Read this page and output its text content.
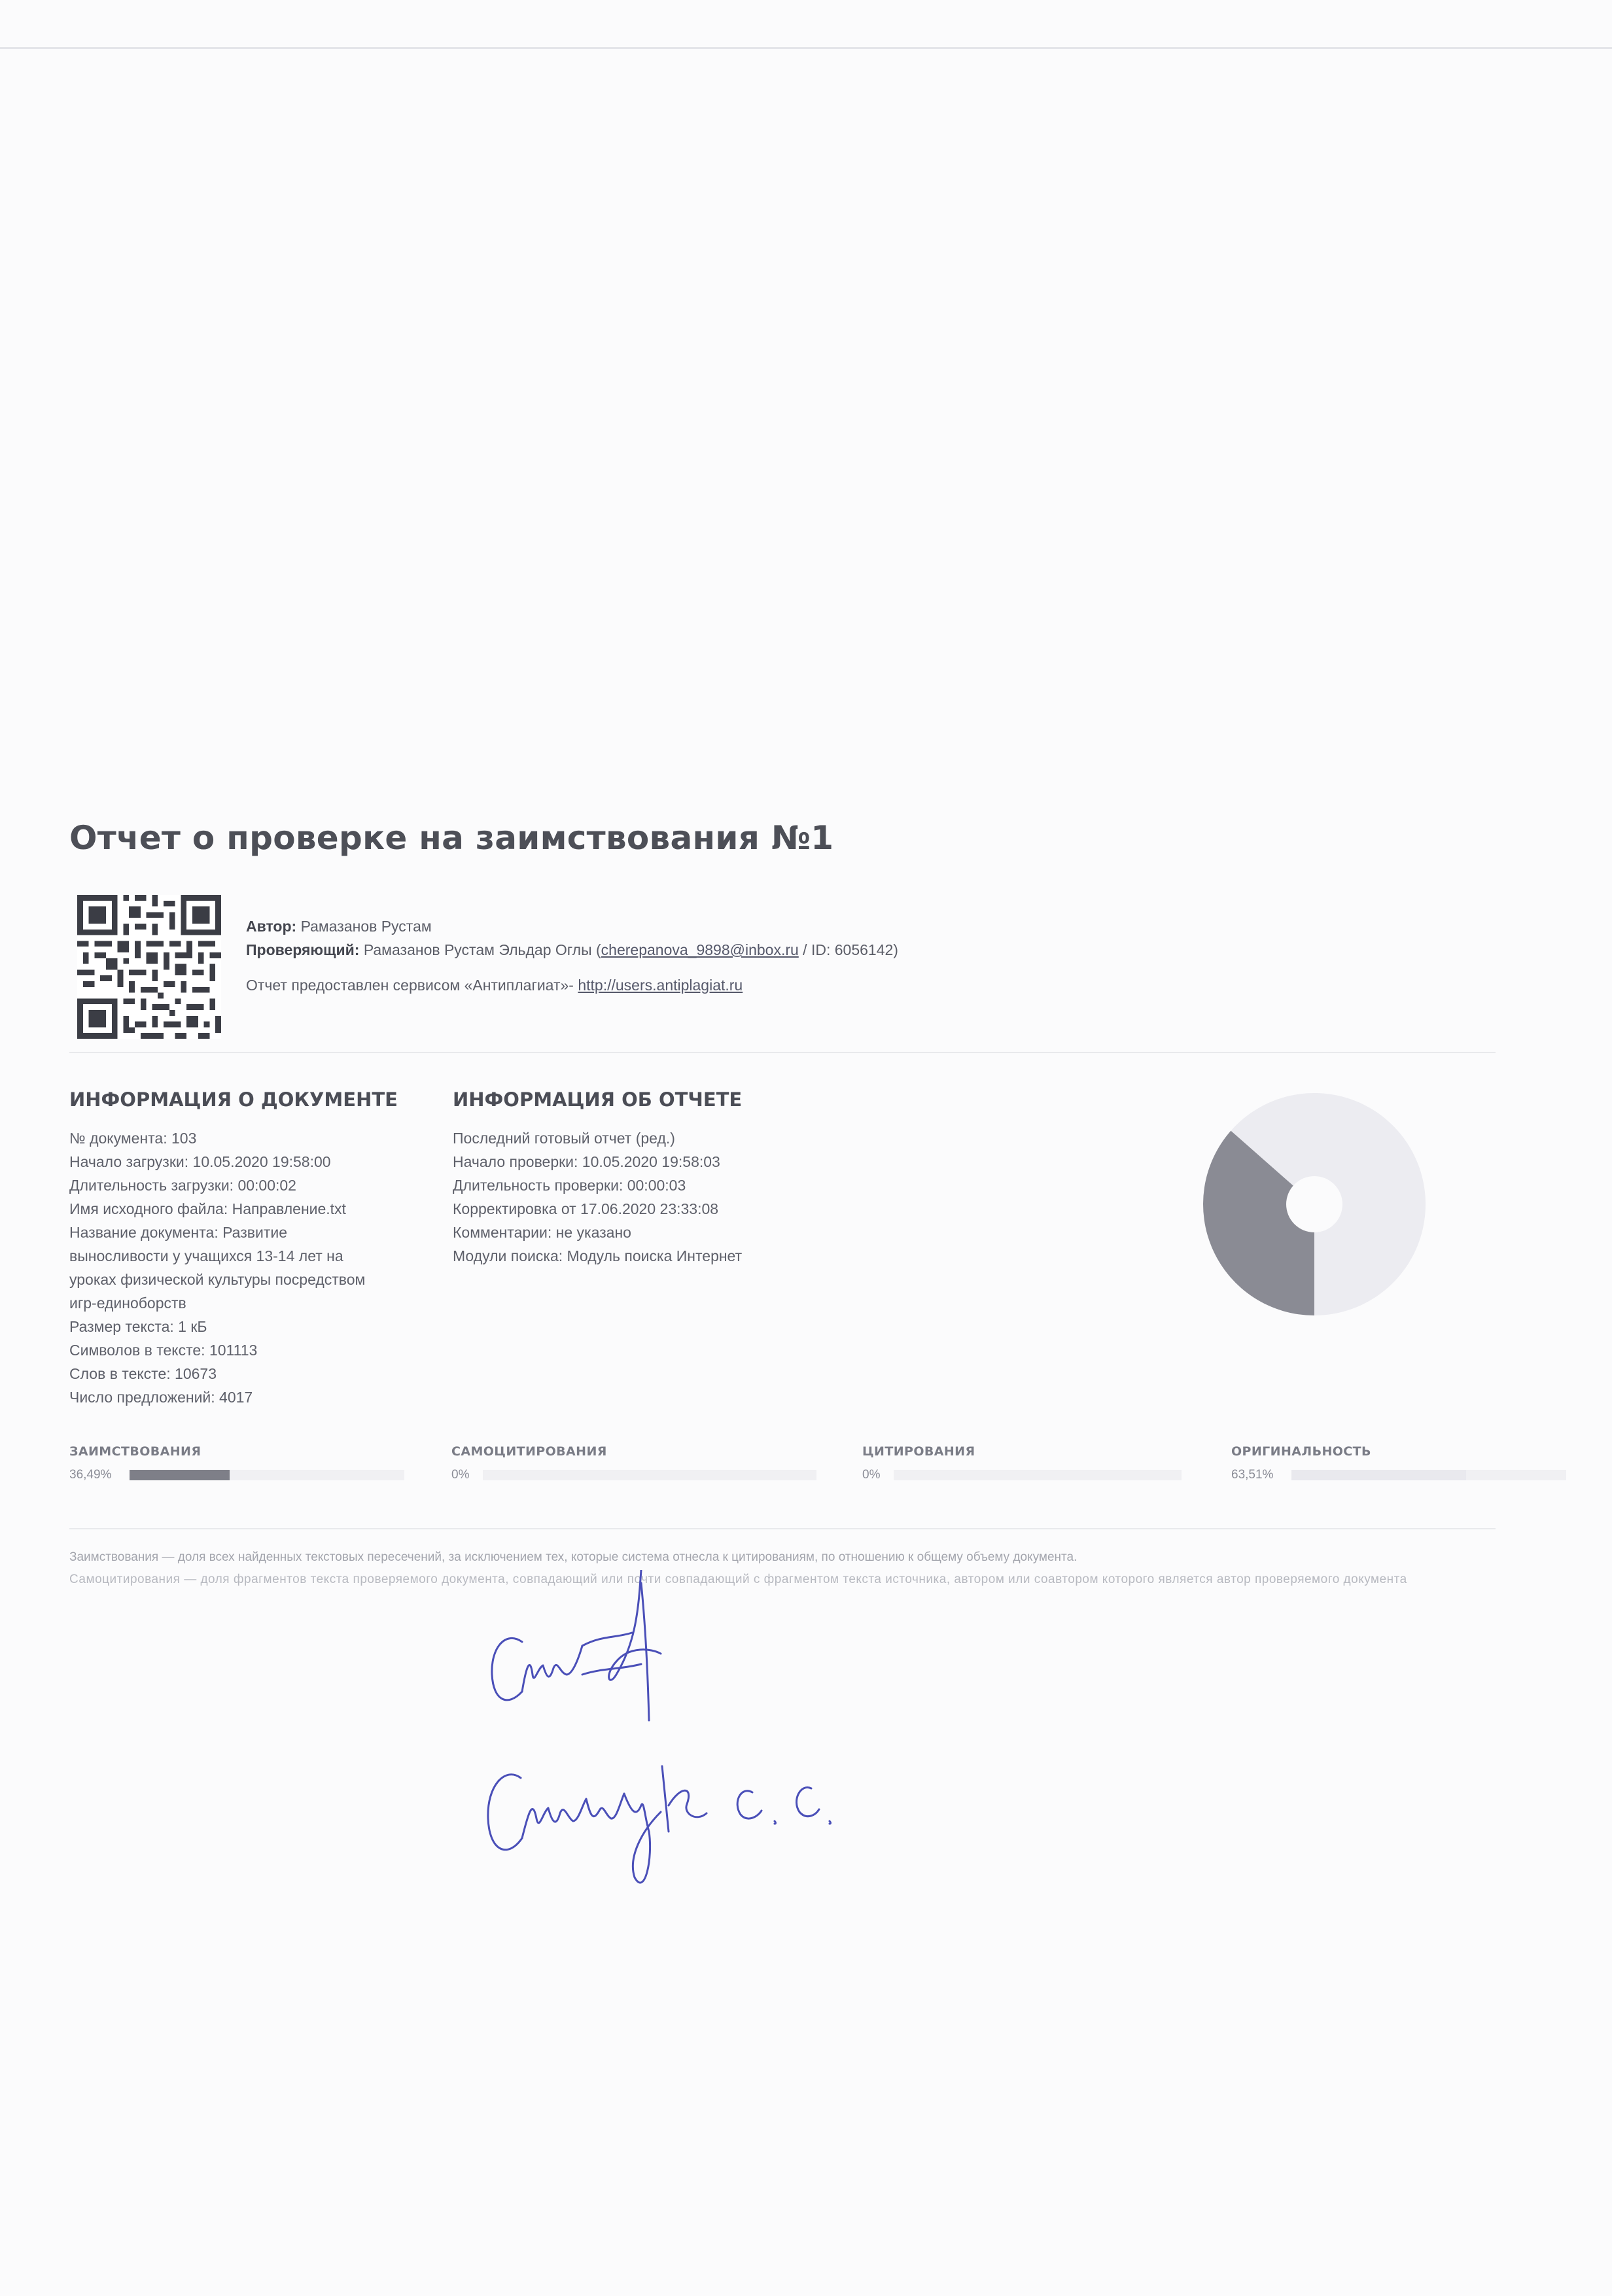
Отчет о проверке на заимствования №1
Автор: Рамазанов Рустам
Проверяющий: Рамазанов Рустам Эльдар Оглы (cherepanova_9898@inbox.ru / ID: 6056142)
Отчет предоставлен сервисом «Антиплагиат»- http://users.antiplagiat.ru
ИНФОРМАЦИЯ О ДОКУМЕНТЕ
№ документа: 103
Начало загрузки: 10.05.2020 19:58:00
Длительность загрузки: 00:00:02
Имя исходного файла: Направление.txt
Название документа: Развитие
выносливости у учащихся 13-14 лет на
уроках физической культуры посредством
игр-единоборств
Размер текста: 1 кБ
Символов в тексте: 101113
Слов в тексте: 10673
Число предложений: 4017
ИНФОРМАЦИЯ ОБ ОТЧЕТЕ
Последний готовый отчет (ред.)
Начало проверки: 10.05.2020 19:58:03
Длительность проверки: 00:00:03
Корректировка от 17.06.2020 23:33:08
Комментарии: не указано
Модули поиска: Модуль поиска Интернет
ЗАИМСТВОВАНИЯ
36,49%
САМОЦИТИРОВАНИЯ
0%
ЦИТИРОВАНИЯ
0%
ОРИГИНАЛЬНОСТЬ
63,51%
Заимствования — доля всех найденных текстовых пересечений, за исключением тех, которые система отнесла к цитированиям, по отношению к общему объему документа.
Самоцитирования — доля фрагментов текста проверяемого документа, совпадающий или почти совпадающий с фрагментом текста источника, автором или соавтором которого является автор проверяемого документа
